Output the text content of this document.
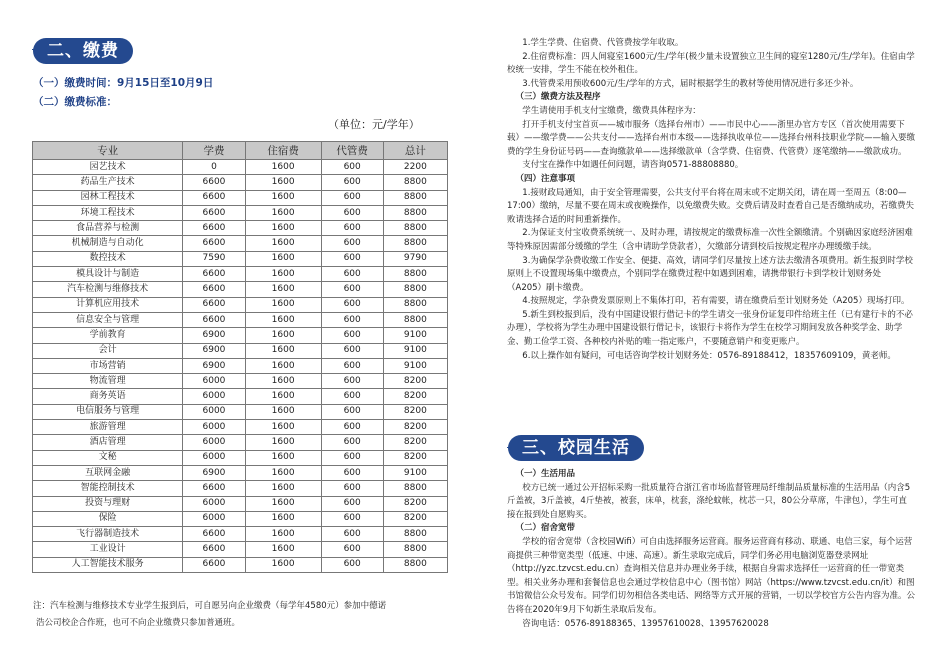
二、缴费
（一）缴费时间：9月15日至10月9日
（二）缴费标准：
（单位：元/学年）
专业	学费	住宿费	代管费	总计
园艺技术	0	1600	600	2200
药品生产技术	6600	1600	600	8800
园林工程技术	6600	1600	600	8800
环境工程技术	6600	1600	600	8800
食品营养与检测	6600	1600	600	8800
机械制造与自动化	6600	1600	600	8800
数控技术	7590	1600	600	9790
模具设计与制造	6600	1600	600	8800
汽车检测与维修技术	6600	1600	600	8800
计算机应用技术	6600	1600	600	8800
信息安全与管理	6600	1600	600	8800
学前教育	6900	1600	600	9100
会计	6900	1600	600	9100
市场营销	6900	1600	600	9100
物流管理	6000	1600	600	8200
商务英语	6000	1600	600	8200
电信服务与管理	6000	1600	600	8200
旅游管理	6000	1600	600	8200
酒店管理	6000	1600	600	8200
文秘	6000	1600	600	8200
互联网金融	6900	1600	600	9100
智能控制技术	6600	1600	600	8800
投资与理财	6000	1600	600	8200
保险	6000	1600	600	8200
飞行器制造技术	6600	1600	600	8800
工业设计	6600	1600	600	8800
人工智能技术服务	6600	1600	600	8800
注：汽车检测与维修技术专业学生报到后，可自愿另向企业缴费（每学年4580元）参加中德诺
浩公司校企合作班，也可不向企业缴费只参加普通班。

1.学生学费、住宿费、代管费按学年收取。

2.住宿费标准：四人间寝室1600元/生/学年(极少量未设置独立卫生间的寝室1280元/生/学年)。住宿由学校统一安排，学生不能在校外租住。

3.代管费采用预收600元/生/学年的方式，届时根据学生的教材等使用情况进行多还少补。

（三）缴费方法及程序

学生请使用手机支付宝缴费，缴费具体程序为：

打开手机支付宝首页——城市服务（选择台州市）——市民中心——浙里办官方专区（首次使用需要下载）——缴学费——公共支付——选择台州市本级——选择执收单位——选择台州科技职业学院——输入要缴费的学生身份证号码——查询缴款单——选择缴款单（含学费、住宿费、代管费）逐笔缴纳——缴款成功。

支付宝在操作中如遇任何问题，请咨询0571-88808880。

（四）注意事项

1.接财政局通知，由于安全管理需要，公共支付平台将在周末或不定期关闭，请在周一至周五（8:00—17:00）缴纳，尽量不要在周末或夜晚操作，以免缴费失败。交费后请及时查看自己是否缴纳成功，若缴费失败请选择合适的时间重新操作。

2.为保证支付宝收费系统统一、及时办理，请按规定的缴费标准一次性全额缴清。个别确因家庭经济困难等特殊原因需部分缓缴的学生（含申请助学贷款者），欠缴部分请到校后按规定程序办理缓缴手续。

3.为确保学杂费收缴工作安全、便捷、高效，请同学们尽量按上述方法去缴清各项费用。新生报到时学校原则上不设置现场集中缴费点，个别同学在缴费过程中如遇到困难，请携带银行卡到学校计划财务处（A205）刷卡缴费。

4.按照规定，学杂费发票原则上不集体打印，若有需要，请在缴费后至计划财务处（A205）现场打印。

5.新生到校报到后，没有中国建设银行借记卡的学生请交一张身份证复印件给班主任（已有建行卡的不必办理），学校将为学生办理中国建设银行借记卡，该银行卡将作为学生在校学习期间发放各种奖学金、助学金、勤工俭学工资、各种校内补贴的唯一指定账户，不要随意销户和变更账户。

6.以上操作如有疑问，可电话咨询学校计划财务处：0576-89188412，18357609109，黄老师。

三、校园生活
（一）生活用品

校方已统一通过公开招标采购一批质量符合浙江省市场监督管理局纤维制品质量标准的生活用品（内含5斤盖被，3斤盖被，4斤垫被，被套，床单，枕套，涤纶蚊帐，枕芯一只，80公分草席，牛津包），学生可直接在报到处自愿购买。

（二）宿舍宽带

学校的宿舍宽带（含校园Wifi）可自由选择服务运营商。服务运营商有移动、联通、电信三家，每个运营商提供三种带宽类型（低速、中速、高速）。新生录取完成后，同学们务必用电脑浏览器登录网址（http://yzc.tzvcst.edu.cn）查询相关信息并办理业务手续，根据自身需求选择任一运营商的任一带宽类型。相关业务办理和套餐信息也会通过学校信息中心（图书馆）网站（https://www.tzvcst.edu.cn/it）和图书馆微信公众号发布。同学们切勿相信各类电话、网络等方式开展的营销，一切以学校官方公告内容为准。公告将在2020年9月下旬新生录取后发布。

咨询电话：0576-89188365、13957610028、13957620028
